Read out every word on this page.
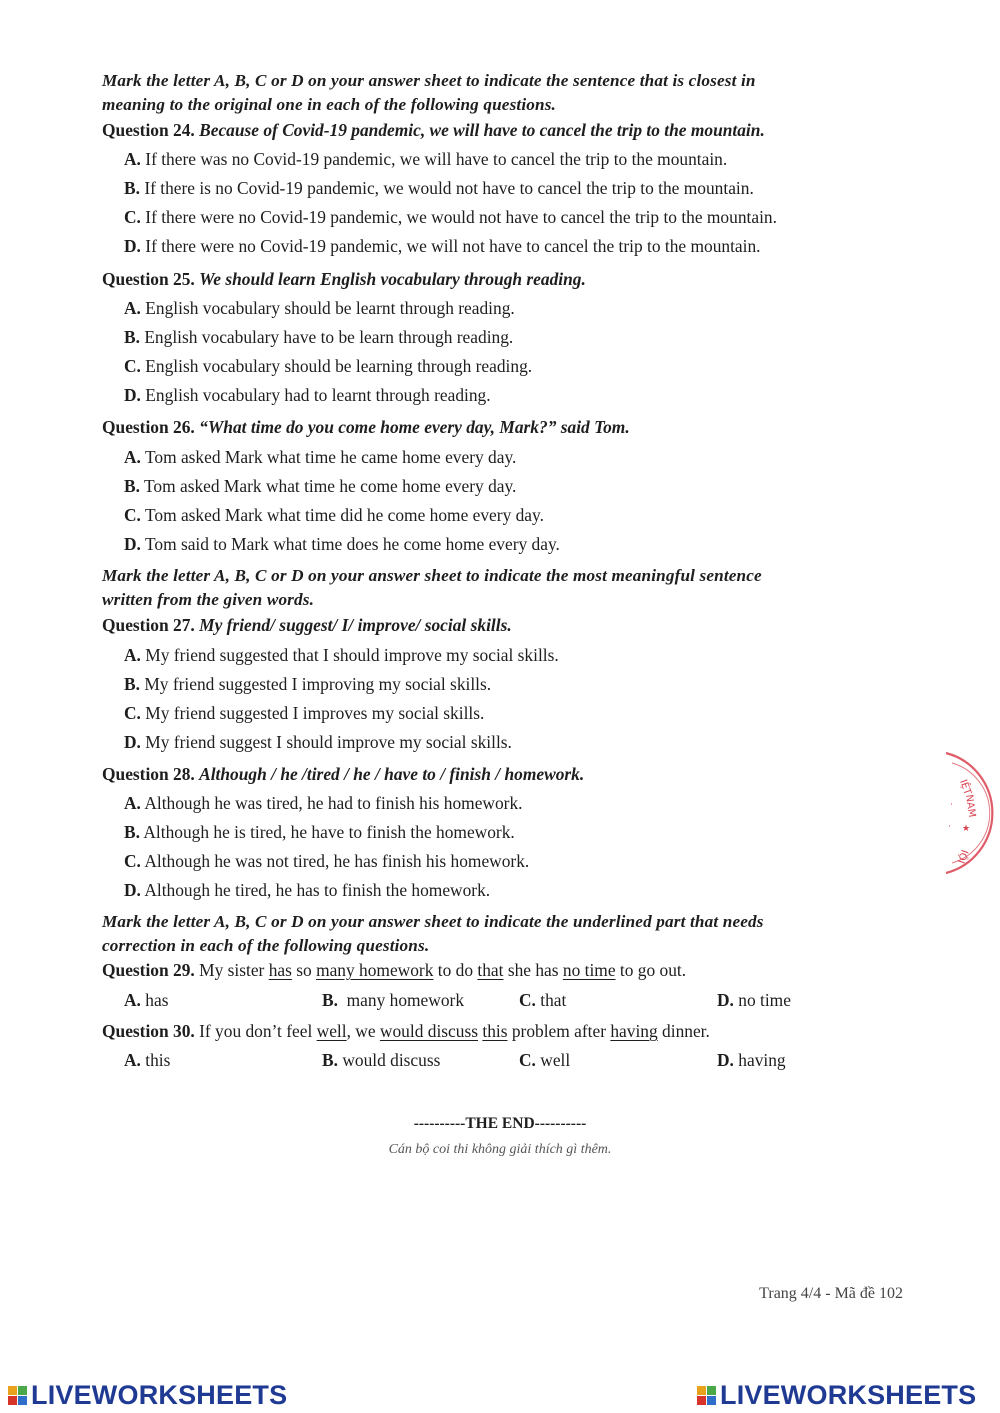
Mark the letter A, B, C or D on your answer sheet to indicate the sentence that is closest in
meaning to the original one in each of the following questions.
Question 24. Because of Covid-19 pandemic, we will have to cancel the trip to the mountain.
A. If there was no Covid-19 pandemic, we will have to cancel the trip to the mountain.
B. If there is no Covid-19 pandemic, we would not have to cancel the trip to the mountain.
C. If there were no Covid-19 pandemic, we would not have to cancel the trip to the mountain.
D. If there were no Covid-19 pandemic, we will not have to cancel the trip to the mountain.
Question 25. We should learn English vocabulary through reading.
A. English vocabulary should be learnt through reading.
B. English vocabulary have to be learn through reading.
C. English vocabulary should be learning through reading.
D. English vocabulary had to learnt through reading.
Question 26. “What time do you come home every day, Mark?” said Tom.
A. Tom asked Mark what time he came home every day.
B. Tom asked Mark what time he come home every day.
C. Tom asked Mark what time did he come home every day.
D. Tom said to Mark what time does he come home every day.
Mark the letter A, B, C or D on your answer sheet to indicate the most meaningful sentence
written from the given words.
Question 27. My friend/ suggest/ I/ improve/ social skills.
A. My friend suggested that I should improve my social skills.
B. My friend suggested I improving my social skills.
C. My friend suggested I improves my social skills.
D. My friend suggest I should improve my social skills.
Question 28. Although / he /tired / he / have to / finish / homework.
A. Although he was tired, he had to finish his homework.
B. Although he is tired, he have to finish the homework.
C. Although he was not tired, he has finish his homework.
D. Although he tired, he has to finish the homework.
Mark the letter A, B, C or D on your answer sheet to indicate the underlined part that needs
correction in each of the following questions.
Question 29. My sister has so many homework to do that she has no time to go out.
A. has	B. many homework	C. that	D. no time
Question 30. If you don’t feel well, we would discuss this problem after having dinner.
A. this	B. would discuss	C. well	D. having
----------THE END----------
Cán bộ coi thi không giải thích gì thêm.
Trang 4/4 - Mã đề 102
IỆT
NAM
IỘI
·
· ★
LIVEWORKSHEETS	LIVEWORKSHEETS
